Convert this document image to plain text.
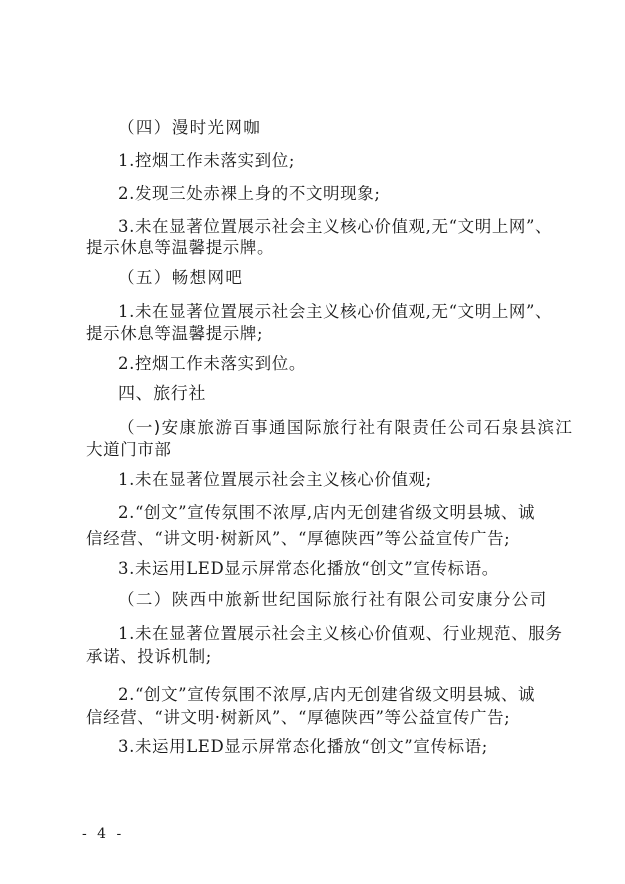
（四）漫时光网咖
1.控烟工作未落实到位;
2.发现三处赤裸上身的不文明现象;
3.未在显著位置展示社会主义核心价值观,无“文明上网”、
提示休息等温馨提示牌。
（五）畅想网吧
1.未在显著位置展示社会主义核心价值观,无“文明上网”、
提示休息等温馨提示牌;
2.控烟工作未落实到位。
四、旅行社
（一)安康旅游百事通国际旅行社有限责任公司石泉县滨江
大道门市部
1.未在显著位置展示社会主义核心价值观;
2.“创文”宣传氛围不浓厚,店内无创建省级文明县城、诚
信经营、“讲文明·树新风”、“厚德陕西”等公益宣传广告;
3.未运用LED显示屏常态化播放“创文”宣传标语。
（二）陕西中旅新世纪国际旅行社有限公司安康分公司
1.未在显著位置展示社会主义核心价值观、行业规范、服务
承诺、投诉机制;
2.“创文”宣传氛围不浓厚,店内无创建省级文明县城、诚
信经营、“讲文明·树新风”、“厚德陕西”等公益宣传广告;
3.未运用LED显示屏常态化播放“创文”宣传标语;
- 4 -
